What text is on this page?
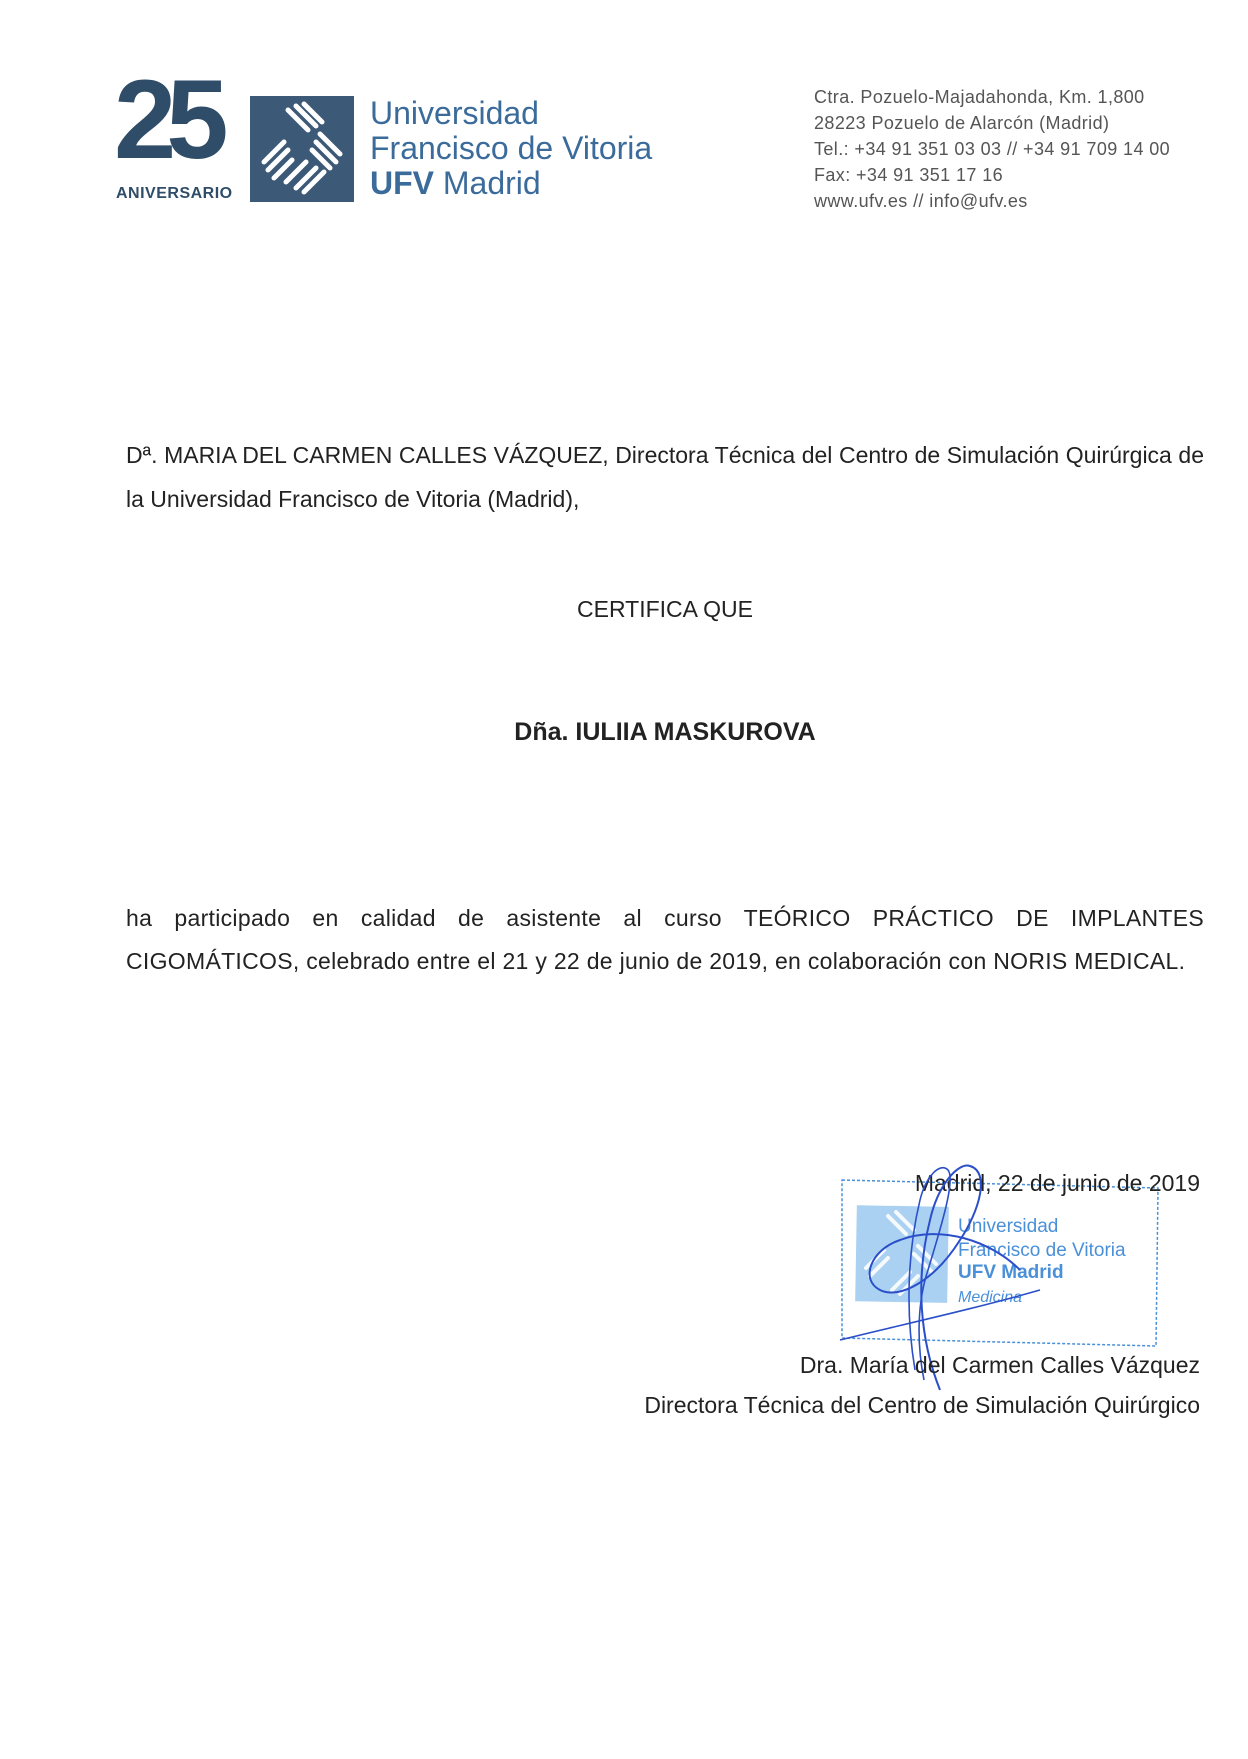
25
ANIVERSARIO
Universidad
Francisco de Vitoria
UFV Madrid
Ctra. Pozuelo-Majadahonda, Km. 1,800
28223 Pozuelo de Alarcón (Madrid)
Tel.: +34 91 351 03 03 // +34 91 709 14 00
Fax: +34 91 351 17 16
www.ufv.es // info@ufv.es
Dª. MARIA DEL CARMEN CALLES VÁZQUEZ, Directora Técnica del Centro de Simulación Quirúrgica de la Universidad Francisco de Vitoria (Madrid),
CERTIFICA QUE
Dña. IULIIA MASKUROVA
ha participado en calidad de asistente al curso TEÓRICO PRÁCTICO DE IMPLANTES CIGOMÁTICOS, celebrado entre el 21 y 22 de junio de 2019, en colaboración con NORIS MEDICAL.
Universidad
Francisco de Vitoria
UFV Madrid
Medicina
Madrid, 22 de junio de 2019
Dra. María del Carmen Calles Vázquez
Directora Técnica del Centro de Simulación Quirúrgico
